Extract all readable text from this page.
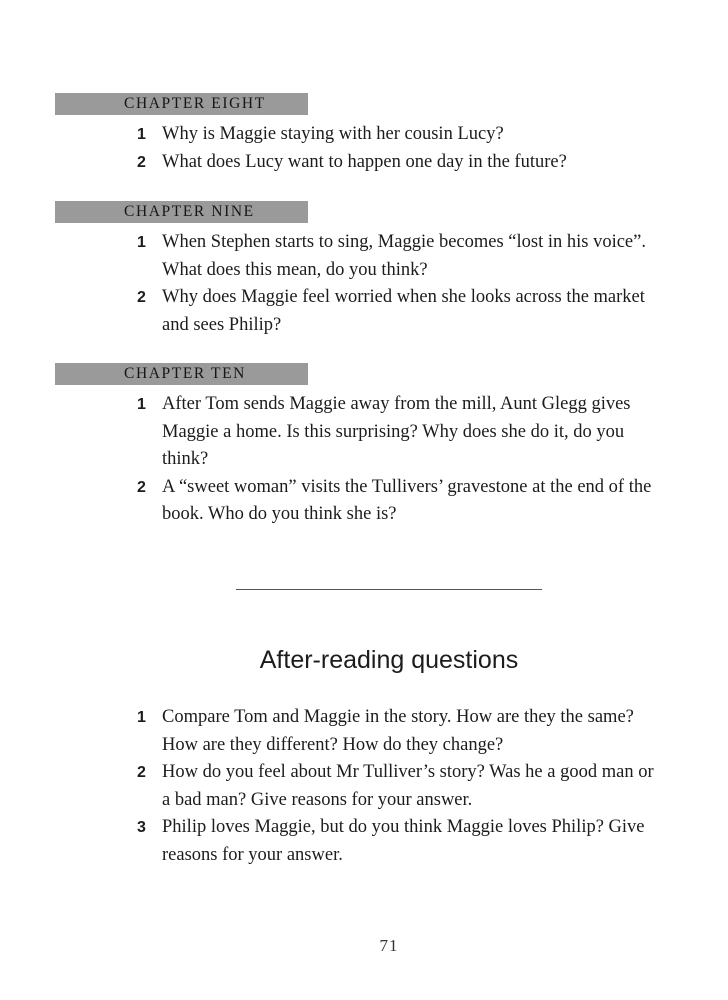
CHAPTER EIGHT
1 Why is Maggie staying with her cousin Lucy?
2 What does Lucy want to happen one day in the future?
CHAPTER NINE
1 When Stephen starts to sing, Maggie becomes “lost in his voice”. What does this mean, do you think?
2 Why does Maggie feel worried when she looks across the market and sees Philip?
CHAPTER TEN
1 After Tom sends Maggie away from the mill, Aunt Glegg gives Maggie a home. Is this surprising? Why does she do it, do you think?
2 A “sweet woman” visits the Tullivers’ gravestone at the end of the book. Who do you think she is?
After-reading questions
1 Compare Tom and Maggie in the story. How are they the same? How are they different? How do they change?
2 How do you feel about Mr Tulliver’s story? Was he a good man or a bad man? Give reasons for your answer.
3 Philip loves Maggie, but do you think Maggie loves Philip? Give reasons for your answer.
71
